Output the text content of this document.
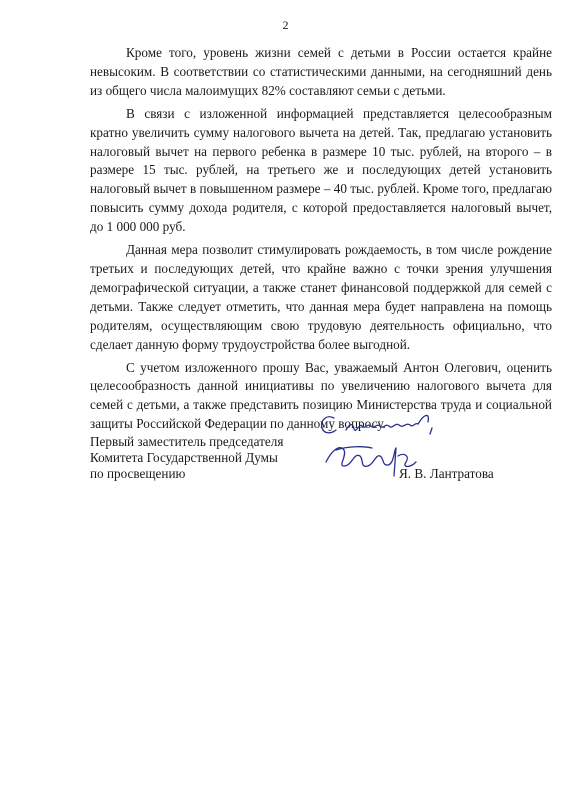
2

Кроме того, уровень жизни семей с детьми в России остается крайне невысоким. В соответствии со статистическими данными, на сегодняшний день из общего числа малоимущих 82% составляют семьи с детьми.

В связи с изложенной информацией представляется целесообразным кратно увеличить сумму налогового вычета на детей. Так, предлагаю установить налоговый вычет на первого ребенка в размере 10 тыс. рублей, на второго – в размере 15 тыс. рублей, на третьего же и последующих детей установить налоговый вычет в повышенном размере – 40 тыс. рублей. Кроме того, предлагаю повысить сумму дохода родителя, с которой предоставляется налоговый вычет, до 1 000 000 руб.

Данная мера позволит стимулировать рождаемость, в том числе рождение третьих и последующих детей, что крайне важно с точки зрения улучшения демографической ситуации, а также станет финансовой поддержкой для семей с детьми. Также следует отметить, что данная мера будет направлена на помощь родителям, осуществляющим свою трудовую деятельность официально, что сделает данную форму трудоустройства более выгодной.

С учетом изложенного прошу Вас, уважаемый Антон Олегович, оценить целесообразность данной инициативы по увеличению налогового вычета для семей с детьми, а также представить позицию Министерства труда и социальной защиты Российской Федерации по данному вопросу.

Первый заместитель председателя
Комитета Государственной Думы
по просвещению	Я. В. Лантратова
